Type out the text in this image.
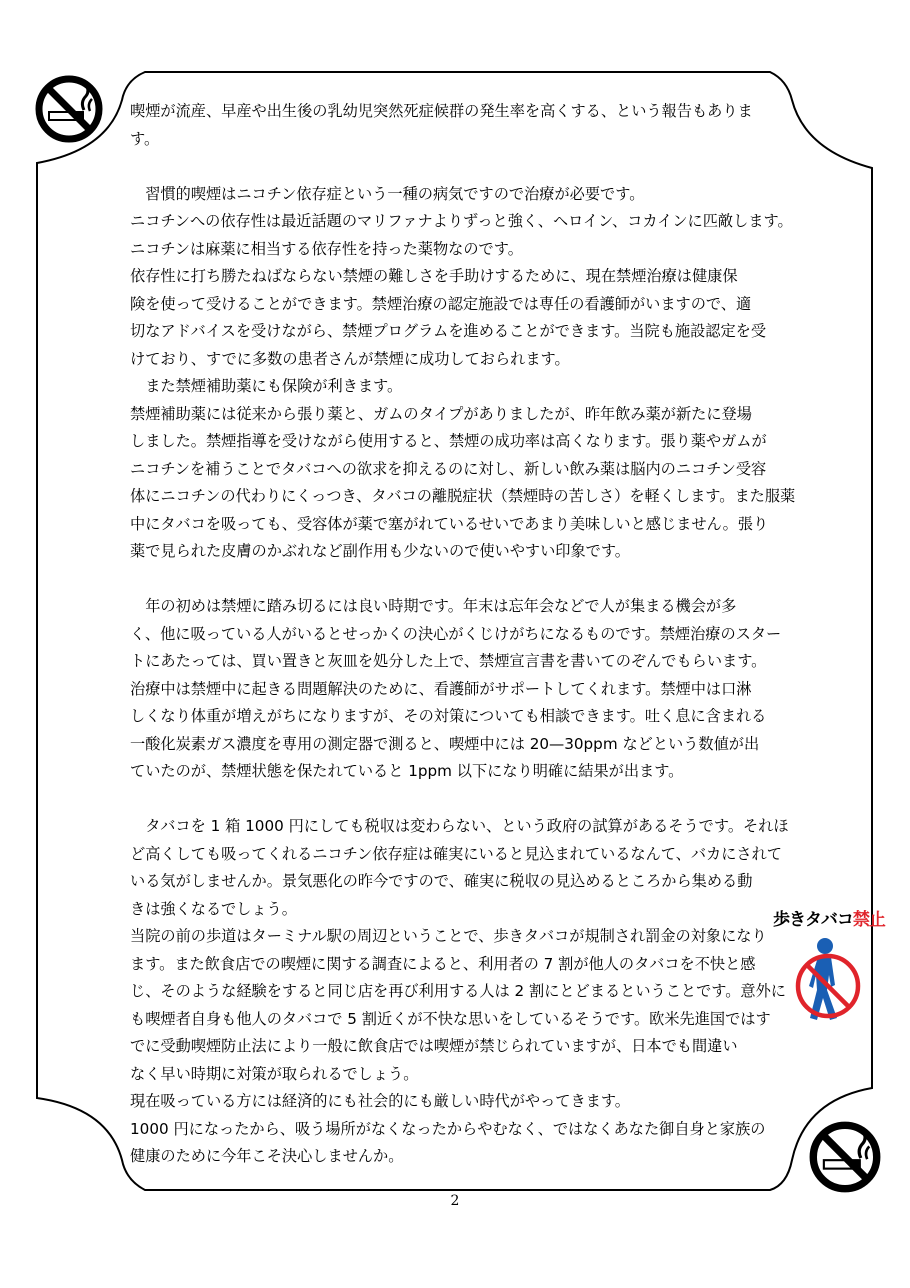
喫煙が流産、早産や出生後の乳幼児突然死症候群の発生率を高くする、という報告もありま
す。

習慣的喫煙はニコチン依存症という一種の病気ですので治療が必要です。

ニコチンへの依存性は最近話題のマリファナよりずっと強く、ヘロイン、コカインに匹敵します。
ニコチンは麻薬に相当する依存性を持った薬物なのです。

依存性に打ち勝たねばならない禁煙の難しさを手助けするために、現在禁煙治療は健康保
険を使って受けることができます。禁煙治療の認定施設では専任の看護師がいますので、適
切なアドバイスを受けながら、禁煙プログラムを進めることができます。当院も施設認定を受
けており、すでに多数の患者さんが禁煙に成功しておられます。

また禁煙補助薬にも保険が利きます。

禁煙補助薬には従来から張り薬と、ガムのタイプがありましたが、昨年飲み薬が新たに登場
しました。禁煙指導を受けながら使用すると、禁煙の成功率は高くなります。張り薬やガムが
ニコチンを補うことでタバコへの欲求を抑えるのに対し、新しい飲み薬は脳内のニコチン受容
体にニコチンの代わりにくっつき、タバコの離脱症状（禁煙時の苦しさ）を軽くします。また服薬
中にタバコを吸っても、受容体が薬で塞がれているせいであまり美味しいと感じません。張り
薬で見られた皮膚のかぶれなど副作用も少ないので使いやすい印象です。

年の初めは禁煙に踏み切るには良い時期です。年末は忘年会などで人が集まる機会が多
く、他に吸っている人がいるとせっかくの決心がくじけがちになるものです。禁煙治療のスター
トにあたっては、買い置きと灰皿を処分した上で、禁煙宣言書を書いてのぞんでもらいます。
治療中は禁煙中に起きる問題解決のために、看護師がサポートしてくれます。禁煙中は口淋
しくなり体重が増えがちになりますが、その対策についても相談できます。吐く息に含まれる
一酸化炭素ガス濃度を専用の測定器で測ると、喫煙中には 20—30ppm などという数値が出
ていたのが、禁煙状態を保たれていると 1ppm 以下になり明確に結果が出ます。

タバコを 1 箱 1000 円にしても税収は変わらない、という政府の試算があるそうです。それほ
ど高くしても吸ってくれるニコチン依存症は確実にいると見込まれているなんて、バカにされて
いる気がしませんか。景気悪化の昨今ですので、確実に税収の見込めるところから集める動
きは強くなるでしょう。

当院の前の歩道はターミナル駅の周辺ということで、歩きタバコが規制され罰金の対象になり
ます。また飲食店での喫煙に関する調査によると、利用者の 7 割が他人のタバコを不快と感
じ、そのような経験をすると同じ店を再び利用する人は 2 割にとどまるということです。意外に
も喫煙者自身も他人のタバコで 5 割近くが不快な思いをしているそうです。欧米先進国ではす
でに受動喫煙防止法により一般に飲食店では喫煙が禁じられていますが、日本でも間違い
なく早い時期に対策が取られるでしょう。

現在吸っている方には経済的にも社会的にも厳しい時代がやってきます。

1000 円になったから、吸う場所がなくなったからやむなく、ではなくあなた御自身と家族の
健康のために今年こそ決心しませんか。

歩きタバコ禁止
2
